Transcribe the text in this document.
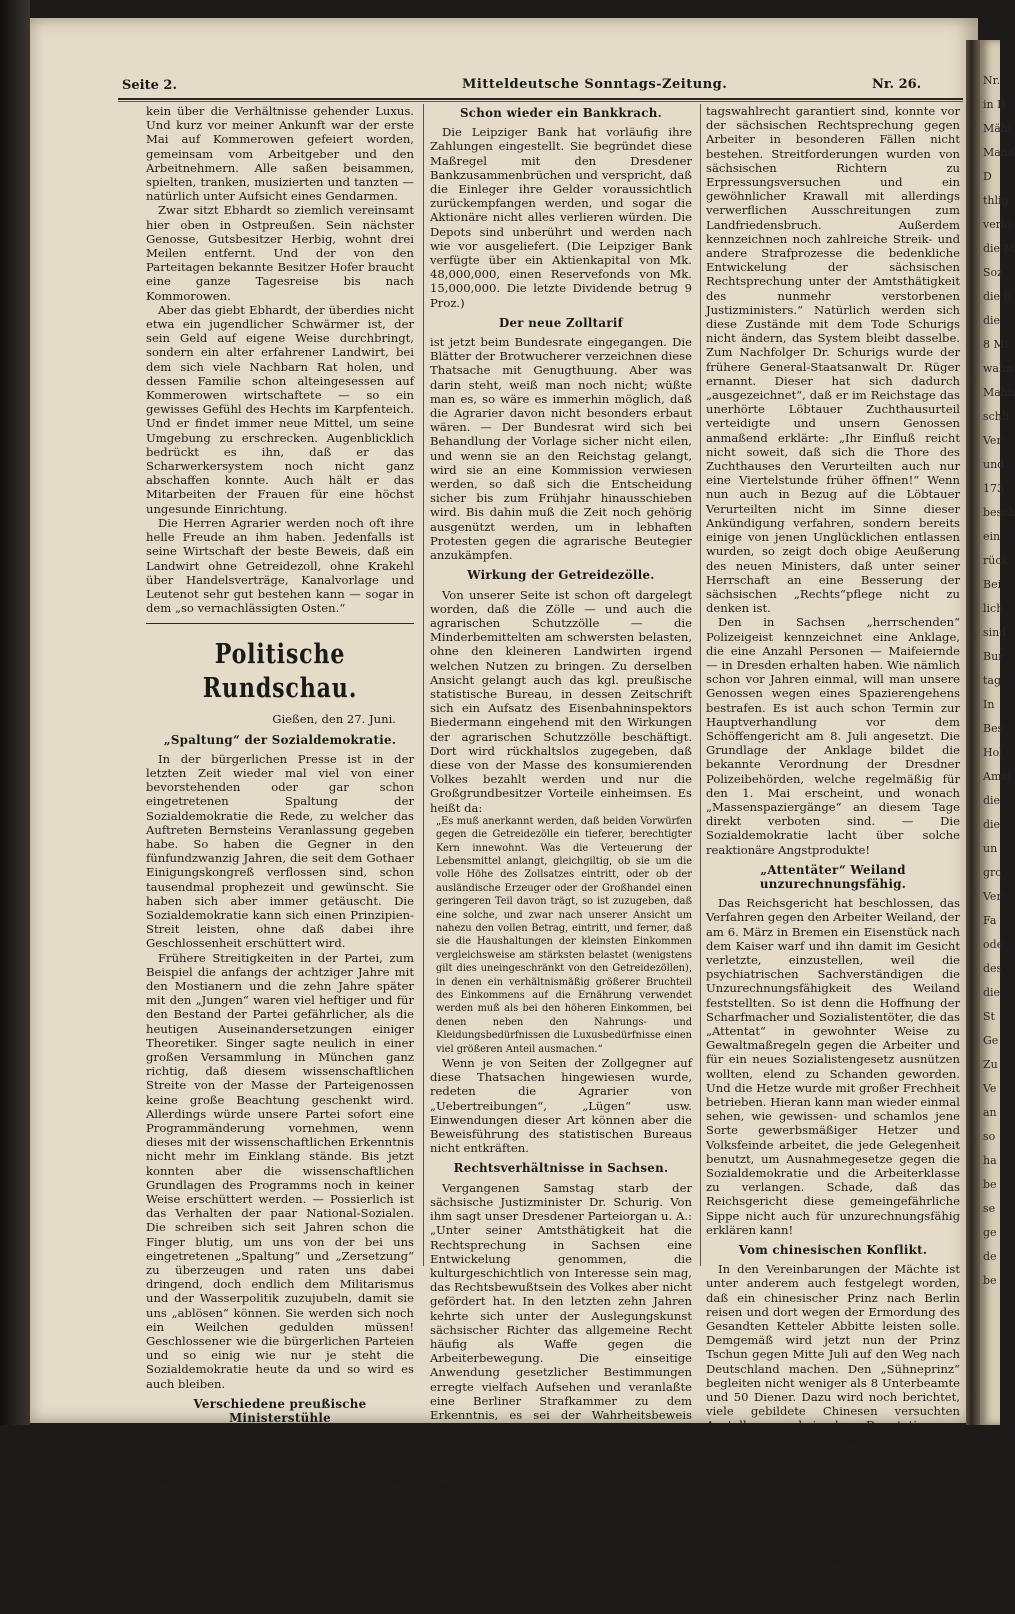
Nr.
in B
Mähl
Mand
D
thlig
verlo
die M
Soz
die B
die
8 Mi
wahn
Mahn
schli
Ver
und
173
besch
ein
rück
Bei
lich
sind
Bur
tag
In
Bes
Hol
Amst
die
die
un
gro
Ver
Fa
ode
des
die
St
Ge
Zu
Ve
an
so
ha
be
se
ge
de
be
Seite 2.	Mitteldeutsche Sonntags-Zeitung.	Nr. 26.

kein über die Verhältnisse gehender Luxus. Und kurz vor meiner Ankunft war der erste Mai auf Kommerowen gefeiert worden, gemeinsam vom Arbeitgeber und den Arbeitnehmern. Alle saßen beisammen, spielten, tranken, musizierten und tanzten — natürlich unter Aufsicht eines Gendarmen.

Zwar sitzt Ebhardt so ziemlich vereinsamt hier oben in Ostpreußen. Sein nächster Genosse, Gutsbesitzer Herbig, wohnt drei Meilen entfernt. Und der von den Parteitagen bekannte Besitzer Hofer braucht eine ganze Tagesreise bis nach Kommorowen.

Aber das giebt Ebhardt, der überdies nicht etwa ein jugendlicher Schwärmer ist, der sein Geld auf eigene Weise durchbringt, sondern ein alter erfahrener Landwirt, bei dem sich viele Nachbarn Rat holen, und dessen Familie schon alteingesessen auf Kommerowen wirtschaftete — so ein gewisses Gefühl des Hechts im Karpfenteich. Und er findet immer neue Mittel, um seine Umgebung zu erschrecken. Augenblicklich bedrückt es ihn, daß er das Scharwerkersystem noch nicht ganz abschaffen konnte. Auch hält er das Mitarbeiten der Frauen für eine höchst ungesunde Einrichtung.

Die Herren Agrarier werden noch oft ihre helle Freude an ihm haben. Jedenfalls ist seine Wirtschaft der beste Beweis, daß ein Landwirt ohne Getreidezoll, ohne Krakehl über Handelsverträge, Kanalvorlage und Leutenot sehr gut bestehen kann — sogar in dem „so vernachlässigten Osten.“

Politische Rundschau.

Gießen, den 27. Juni.

„Spaltung“ der Sozialdemokratie.

In der bürgerlichen Presse ist in der letzten Zeit wieder mal viel von einer bevorstehenden oder gar schon eingetretenen Spaltung der Sozialdemokratie die Rede, zu welcher das Auftreten Bernsteins Veranlassung gegeben habe. So haben die Gegner in den fünfundzwanzig Jahren, die seit dem Gothaer Einigungskongreß verflossen sind, schon tausendmal prophezeit und gewünscht. Sie haben sich aber immer getäuscht. Die Sozialdemokratie kann sich einen Prinzipien-Streit leisten, ohne daß dabei ihre Geschlossenheit erschüttert wird.

Frühere Streitigkeiten in der Partei, zum Beispiel die anfangs der achtziger Jahre mit den Mostianern und die zehn Jahre später mit den „Jungen“ waren viel heftiger und für den Bestand der Partei gefährlicher, als die heutigen Auseinandersetzungen einiger Theoretiker. Singer sagte neulich in einer großen Versammlung in München ganz richtig, daß diesem wissenschaftlichen Streite von der Masse der Parteigenossen keine große Beachtung geschenkt wird. Allerdings würde unsere Partei sofort eine Programmänderung vornehmen, wenn dieses mit der wissenschaftlichen Erkenntnis nicht mehr im Einklang stände. Bis jetzt konnten aber die wissenschaftlichen Grundlagen des Programms noch in keiner Weise erschüttert werden. — Possierlich ist das Verhalten der paar National-Sozialen. Die schreiben sich seit Jahren schon die Finger blutig, um uns von der bei uns eingetretenen „Spaltung“ und „Zersetzung“ zu überzeugen und raten uns dabei dringend, doch endlich dem Militarismus und der Wasserpolitik zuzujubeln, damit sie uns „ablösen“ können. Sie werden sich noch ein Weilchen gedulden müssen! Geschlossener wie die bürgerlichen Parteien und so einig wie nur je steht die Sozialdemokratie heute da und so wird es auch bleiben.

Verschiedene preußische Ministerstühle

sollen höchst bedenklich wackeln. Man spricht von dem bald bevorstehenden Abgang des Eisenbahnministers Thielen, sowie dem des Justizministers Schönstedt. Auch der Rücktritt des Staatssekretärs Grafen Posadowsky soll in Bälde zu erwarten sein, weil zwischen ihm und dem Reichskanzler „Meinungsverschiedenheiten“ bestehen.

Schon wieder ein Bankkrach.

Die Leipziger Bank hat vorläufig ihre Zahlungen eingestellt. Sie begründet diese Maßregel mit den Dresdener Bankzusammenbrüchen und verspricht, daß die Einleger ihre Gelder voraussichtlich zurückempfangen werden, und sogar die Aktionäre nicht alles verlieren würden. Die Depots sind unberührt und werden nach wie vor ausgeliefert. (Die Leipziger Bank verfügte über ein Aktienkapital von Mk. 48,000,000, einen Reservefonds von Mk. 15,000,000. Die letzte Dividende betrug 9 Proz.)

Der neue Zolltarif

ist jetzt beim Bundesrate eingegangen. Die Blätter der Brotwucherer verzeichnen diese Thatsache mit Genugthuung. Aber was darin steht, weiß man noch nicht; wüßte man es, so wäre es immerhin möglich, daß die Agrarier davon nicht besonders erbaut wären. — Der Bundesrat wird sich bei Behandlung der Vorlage sicher nicht eilen, und wenn sie an den Reichstag gelangt, wird sie an eine Kommission verwiesen werden, so daß sich die Entscheidung sicher bis zum Frühjahr hinausschieben wird. Bis dahin muß die Zeit noch gehörig ausgenützt werden, um in lebhaften Protesten gegen die agrarische Beutegier anzukämpfen.

Wirkung der Getreidezölle.

Von unserer Seite ist schon oft dargelegt worden, daß die Zölle — und auch die agrarischen Schutzzölle — die Minderbemittelten am schwersten belasten, ohne den kleineren Landwirten irgend welchen Nutzen zu bringen. Zu derselben Ansicht gelangt auch das kgl. preußische statistische Bureau, in dessen Zeitschrift sich ein Aufsatz des Eisenbahninspektors Biedermann eingehend mit den Wirkungen der agrarischen Schutzzölle beschäftigt. Dort wird rückhaltslos zugegeben, daß diese von der Masse des konsumierenden Volkes bezahlt werden und nur die Großgrundbesitzer Vorteile einheimsen. Es heißt da:

„Es muß anerkannt werden, daß beiden Vorwürfen gegen die Getreidezölle ein tieferer, berechtigter Kern innewohnt. Was die Verteuerung der Lebensmittel anlangt, gleichgiltig, ob sie um die volle Höhe des Zollsatzes eintritt, oder ob der ausländische Erzeuger oder der Großhandel einen geringeren Teil davon trägt, so ist zuzugeben, daß eine solche, und zwar nach unserer Ansicht um nahezu den vollen Betrag, eintritt, und ferner, daß sie die Haushaltungen der kleinsten Einkommen vergleichsweise am stärksten belastet (wenigstens gilt dies uneingeschränkt von den Getreidezöllen), in denen ein verhältnismäßig größerer Bruchteil des Einkommens auf die Ernährung verwendet werden muß als bei den höheren Einkommen, bei denen neben den Nahrungs- und Kleidungsbedürfnissen die Luxusbedürfnisse einen viel größeren Anteil ausmachen.“

Wenn je von Seiten der Zollgegner auf diese Thatsachen hingewiesen wurde, redeten die Agrarier von „Uebertreibungen“, „Lügen“ usw. Einwendungen dieser Art können aber die Beweisführung des statistischen Bureaus nicht entkräften.

Rechtsverhältnisse in Sachsen.

Vergangenen Samstag starb der sächsische Justizminister Dr. Schurig. Von ihm sagt unser Dresdener Parteiorgan u. A.: „Unter seiner Amtsthätigkeit hat die Rechtsprechung in Sachsen eine Entwickelung genommen, die kulturgeschichtlich von Interesse sein mag, das Rechtsbewußtsein des Volkes aber nicht gefördert hat. In den letzten zehn Jahren kehrte sich unter der Auslegungskunst sächsischer Richter das allgemeine Recht häufig als Waffe gegen die Arbeiterbewegung. Die einseitige Anwendung gesetzlicher Bestimmungen erregte vielfach Aufsehen und veranlaßte eine Berliner Strafkammer zu dem Erkenntnis, es sei der Wahrheitsbeweis dafür erbracht, daß das höchste sächsische Gericht die Sozialdemokraten für minderen Rechts erklärt habe. Das Recht des Boykotts, die Flugblattverbreitung, die Redefreiheit u. a. verfiel in Sachsen dem Grobe-Unfug-Paragraphen. Selbst die Ausübung von Rechten, die den Staatsbürgern durch die Gewerbeordnung und das Reichs-

tagswahlrecht garantiert sind, konnte vor der sächsischen Rechtsprechung gegen Arbeiter in besonderen Fällen nicht bestehen. Streitforderungen wurden von sächsischen Richtern zu Erpressungsversuchen und ein gewöhnlicher Krawall mit allerdings verwerflichen Ausschreitungen zum Landfriedensbruch. Außerdem kennzeichnen noch zahlreiche Streik- und andere Strafprozesse die bedenkliche Entwickelung der sächsischen Rechtsprechung unter der Amtsthätigkeit des nunmehr verstorbenen Justizministers.“ Natürlich werden sich diese Zustände mit dem Tode Schurigs nicht ändern, das System bleibt dasselbe. Zum Nachfolger Dr. Schurigs wurde der frühere General-Staatsanwalt Dr. Rüger ernannt. Dieser hat sich dadurch „ausgezeichnet“, daß er im Reichstage das unerhörte Löbtauer Zuchthausurteil verteidigte und unsern Genossen anmaßend erklärte: „Ihr Einfluß reicht nicht soweit, daß sich die Thore des Zuchthauses den Verurteilten auch nur eine Viertelstunde früher öffnen!“ Wenn nun auch in Bezug auf die Löbtauer Verurteilten nicht im Sinne dieser Ankündigung verfahren, sondern bereits einige von jenen Unglücklichen entlassen wurden, so zeigt doch obige Aeußerung des neuen Ministers, daß unter seiner Herrschaft an eine Besserung der sächsischen „Rechts“pflege nicht zu denken ist.

Den in Sachsen „herrschenden“ Polizeigeist kennzeichnet eine Anklage, die eine Anzahl Personen — Maifeiernde — in Dresden erhalten haben. Wie nämlich schon vor Jahren einmal, will man unsere Genossen wegen eines Spazierengehens bestrafen. Es ist auch schon Termin zur Hauptverhandlung vor dem Schöffengericht am 8. Juli angesetzt. Die Grundlage der Anklage bildet die bekannte Verordnung der Dresdner Polizeibehörden, welche regelmäßig für den 1. Mai erscheint, und wonach „Massenspaziergänge“ an diesem Tage direkt verboten sind. — Die Sozialdemokratie lacht über solche reaktionäre Angstprodukte!

„Attentäter“ Weiland unzurechnungsfähig.

Das Reichsgericht hat beschlossen, das Verfahren gegen den Arbeiter Weiland, der am 6. März in Bremen ein Eisenstück nach dem Kaiser warf und ihn damit im Gesicht verletzte, einzustellen, weil die psychiatrischen Sachverständigen die Unzurechnungsfähigkeit des Weiland feststellten. So ist denn die Hoffnung der Scharfmacher und Sozialistentöter, die das „Attentat“ in gewohnter Weise zu Gewaltmaßregeln gegen die Arbeiter und für ein neues Sozialistengesetz ausnützen wollten, elend zu Schanden geworden. Und die Hetze wurde mit großer Frechheit betrieben. Hieran kann man wieder einmal sehen, wie gewissen- und schamlos jene Sorte gewerbsmäßiger Hetzer und Volksfeinde arbeitet, die jede Gelegenheit benutzt, um Ausnahmegesetze gegen die Sozialdemokratie und die Arbeiterklasse zu verlangen. Schade, daß das Reichsgericht diese gemeingefährliche Sippe nicht auch für unzurechnungsfähig erklären kann!

Vom chinesischen Konflikt.

In den Vereinbarungen der Mächte ist unter anderem auch festgelegt worden, daß ein chinesischer Prinz nach Berlin reisen und dort wegen der Ermordung des Gesandten Ketteler Abbitte leisten solle. Demgemäß wird jetzt nun der Prinz Tschun gegen Mitte Juli auf den Weg nach Deutschland machen. Den „Sühneprinz“ begleiten nicht weniger als 8 Unterbeamte und 50 Diener. Dazu wird noch berichtet, viele gebildete Chinesen versuchten Anstellungen bei der Deputation zu erhalten, um bei der Gelegenheit Europa kennen zu lernen. Im Uebrigen ist's natürlich mit der Bußerdeputation ja reine Humbug; sie wird weiter nichts thun, als Geld verpulvern, wenn auch nur das der Chinesen.

Der chinesische Kaiser soll im Oktober nach Peking zurückkehren.

Sozialdemokratischer Wahlsieg.

Für unsere Partei hatten die am Sonntag stattgefundenen Wahlen zum großen Stadtrat
